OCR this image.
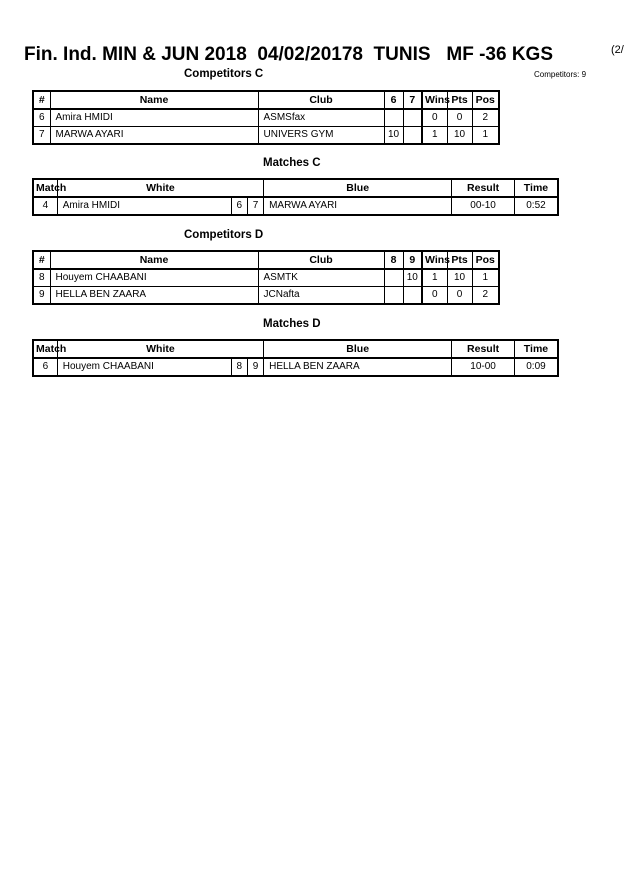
Fin. Ind. MIN & JUN 2018  04/02/20178  TUNIS   MF -36 KGS	(2/
Competitors: 9
Competitors C
#	Name	Club	6	7	Wins	Pts	Pos
6	Amira HMIDI	ASMSfax			0	0	2
7	MARWA AYARI	UNIVERS GYM	10		1	10	1
Matches C
Match	White			Blue	Result	Time
4	Amira HMIDI	6	7	MARWA AYARI	00-10	0:52
Competitors D
#	Name	Club	8	9	Wins	Pts	Pos
8	Houyem CHAABANI	ASMTK		10	1	10	1
9	HELLA BEN ZAARA	JCNafta			0	0	2
Matches D
Match	White			Blue	Result	Time
6	Houyem CHAABANI	8	9	HELLA BEN ZAARA	10-00	0:09
